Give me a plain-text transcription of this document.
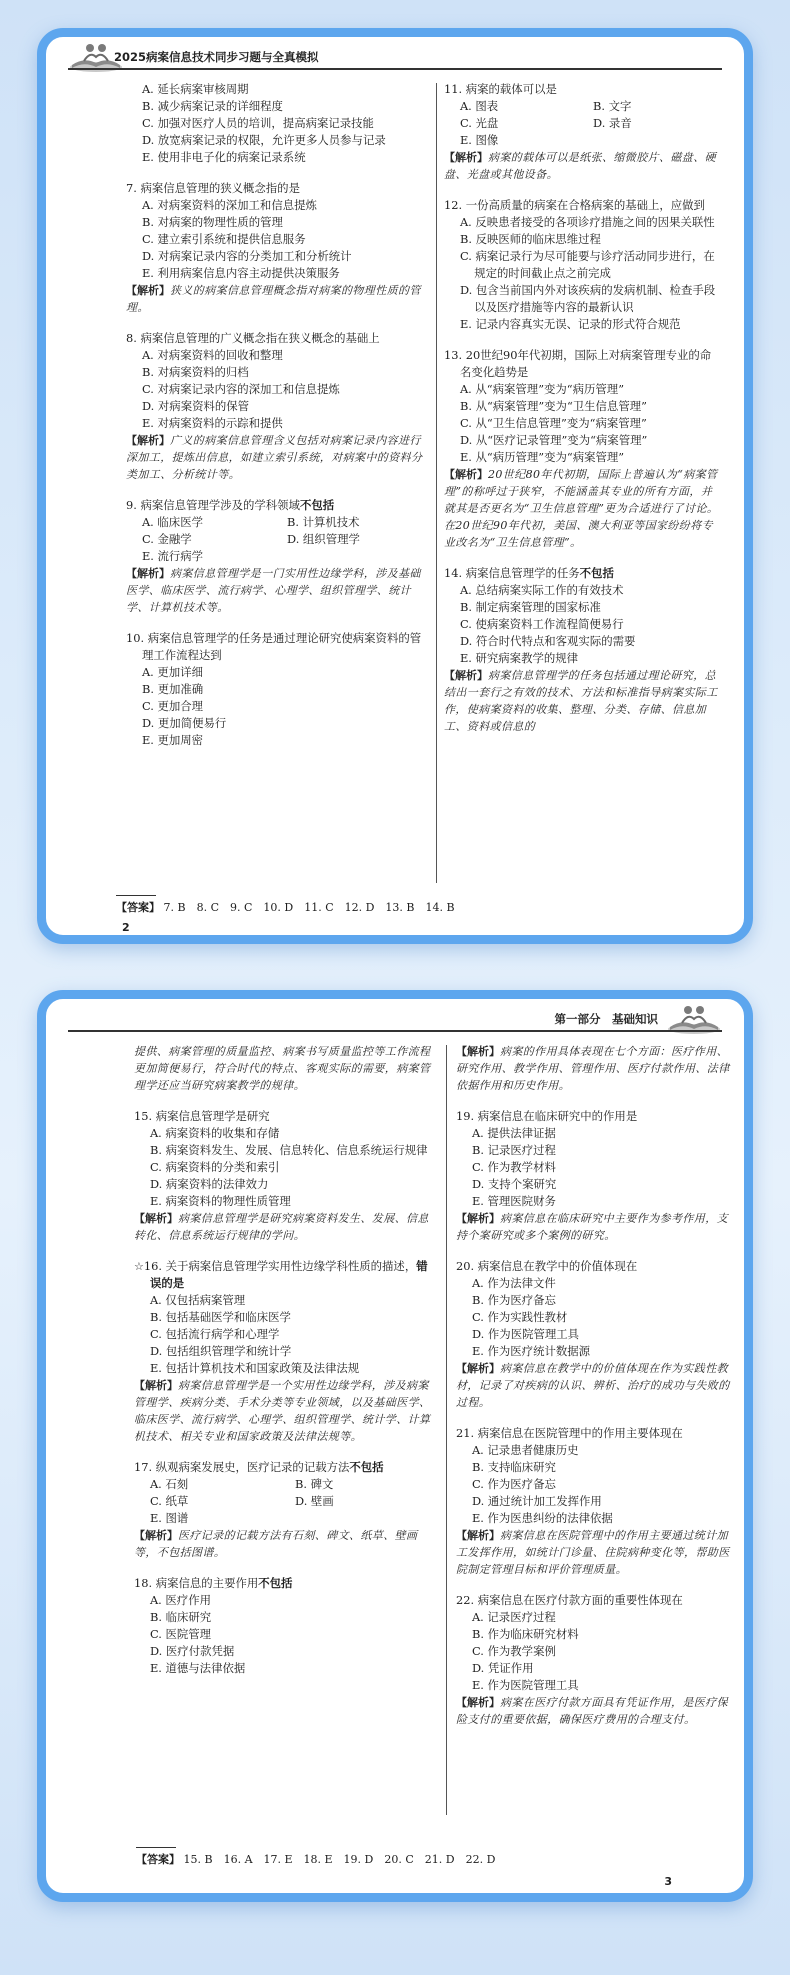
2025病案信息技术同步习题与全真模拟
A. 延长病案审核周期
B. 减少病案记录的详细程度
C. 加强对医疗人员的培训，提高病案记录技能
D. 放宽病案记录的权限，允许更多人员参与记录
E. 使用非电子化的病案记录系统
7. 病案信息管理的狭义概念指的是
A. 对病案资料的深加工和信息提炼
B. 对病案的物理性质的管理
C. 建立索引系统和提供信息服务
D. 对病案记录内容的分类加工和分析统计
E. 利用病案信息内容主动提供决策服务
【解析】狭义的病案信息管理概念指对病案的物理性质的管理。
8. 病案信息管理的广义概念指在狭义概念的基础上
A. 对病案资料的回收和整理
B. 对病案资料的归档
C. 对病案记录内容的深加工和信息提炼
D. 对病案资料的保管
E. 对病案资料的示踪和提供
【解析】广义的病案信息管理含义包括对病案记录内容进行深加工，提炼出信息，如建立索引系统，对病案中的资料分类加工、分析统计等。
9. 病案信息管理学涉及的学科领域不包括
A. 临床医学	B. 计算机技术
C. 金融学	D. 组织管理学
E. 流行病学
【解析】病案信息管理学是一门实用性边缘学科，涉及基础医学、临床医学、流行病学、心理学、组织管理学、统计学、计算机技术等。
10. 病案信息管理学的任务是通过理论研究使病案资料的管理工作流程达到
A. 更加详细
B. 更加准确
C. 更加合理
D. 更加简便易行
E. 更加周密
11. 病案的载体可以是
A. 图表	B. 文字
C. 光盘	D. 录音
E. 图像
【解析】病案的载体可以是纸张、缩微胶片、磁盘、硬盘、光盘或其他设备。
12. 一份高质量的病案在合格病案的基础上，应做到
A. 反映患者接受的各项诊疗措施之间的因果关联性
B. 反映医师的临床思维过程
C. 病案记录行为尽可能要与诊疗活动同步进行，在规定的时间截止点之前完成
D. 包含当前国内外对该疾病的发病机制、检查手段以及医疗措施等内容的最新认识
E. 记录内容真实无误、记录的形式符合规范
13. 20世纪90年代初期，国际上对病案管理专业的命名变化趋势是
A. 从“病案管理”变为“病历管理”
B. 从“病案管理”变为“卫生信息管理”
C. 从“卫生信息管理”变为“病案管理”
D. 从“医疗记录管理”变为“病案管理”
E. 从“病历管理”变为“病案管理”
【解析】20世纪80年代初期，国际上普遍认为“病案管理”的称呼过于狭窄，不能涵盖其专业的所有方面，并就其是否更名为“卫生信息管理”更为合适进行了讨论。在20世纪90年代初，美国、澳大利亚等国家纷纷将专业改名为“卫生信息管理”。
14. 病案信息管理学的任务不包括
A. 总结病案实际工作的有效技术
B. 制定病案管理的国家标准
C. 使病案资料工作流程简便易行
D. 符合时代特点和客观实际的需要
E. 研究病案教学的规律
【解析】病案信息管理学的任务包括通过理论研究，总结出一套行之有效的技术、方法和标准指导病案实际工作，使病案资料的收集、整理、分类、存储、信息加工、资料或信息的
【答案】 7. B　8. C　9. C　10. D　11. C　12. D　13. B　14. B
2
第一部分　基础知识
提供、病案管理的质量监控、病案书写质量监控等工作流程更加简便易行，符合时代的特点、客观实际的需要，病案管理学还应当研究病案教学的规律。
15. 病案信息管理学是研究
A. 病案资料的收集和存储
B. 病案资料发生、发展、信息转化、信息系统运行规律
C. 病案资料的分类和索引
D. 病案资料的法律效力
E. 病案资料的物理性质管理
【解析】病案信息管理学是研究病案资料发生、发展、信息转化、信息系统运行规律的学问。
☆16. 关于病案信息管理学实用性边缘学科性质的描述，错误的是
A. 仅包括病案管理
B. 包括基础医学和临床医学
C. 包括流行病学和心理学
D. 包括组织管理学和统计学
E. 包括计算机技术和国家政策及法律法规
【解析】病案信息管理学是一个实用性边缘学科，涉及病案管理学、疾病分类、手术分类等专业领域，以及基础医学、临床医学、流行病学、心理学、组织管理学、统计学、计算机技术、相关专业和国家政策及法律法规等。
17. 纵观病案发展史，医疗记录的记载方法不包括
A. 石刻	B. 碑文
C. 纸草	D. 壁画
E. 图谱
【解析】医疗记录的记载方法有石刻、碑文、纸草、壁画等，不包括图谱。
18. 病案信息的主要作用不包括
A. 医疗作用
B. 临床研究
C. 医院管理
D. 医疗付款凭据
E. 道德与法律依据
【解析】病案的作用具体表现在七个方面：医疗作用、研究作用、教学作用、管理作用、医疗付款作用、法律依据作用和历史作用。
19. 病案信息在临床研究中的作用是
A. 提供法律证据
B. 记录医疗过程
C. 作为教学材料
D. 支持个案研究
E. 管理医院财务
【解析】病案信息在临床研究中主要作为参考作用，支持个案研究或多个案例的研究。
20. 病案信息在教学中的价值体现在
A. 作为法律文件
B. 作为医疗备忘
C. 作为实践性教材
D. 作为医院管理工具
E. 作为医疗统计数据源
【解析】病案信息在教学中的价值体现在作为实践性教材，记录了对疾病的认识、辨析、治疗的成功与失败的过程。
21. 病案信息在医院管理中的作用主要体现在
A. 记录患者健康历史
B. 支持临床研究
C. 作为医疗备忘
D. 通过统计加工发挥作用
E. 作为医患纠纷的法律依据
【解析】病案信息在医院管理中的作用主要通过统计加工发挥作用，如统计门诊量、住院病种变化等，帮助医院制定管理目标和评价管理质量。
22. 病案信息在医疗付款方面的重要性体现在
A. 记录医疗过程
B. 作为临床研究材料
C. 作为教学案例
D. 凭证作用
E. 作为医院管理工具
【解析】病案在医疗付款方面具有凭证作用，是医疗保险支付的重要依据，确保医疗费用的合理支付。
【答案】 15. B　16. A　17. E　18. E　19. D　20. C　21. D　22. D
3
